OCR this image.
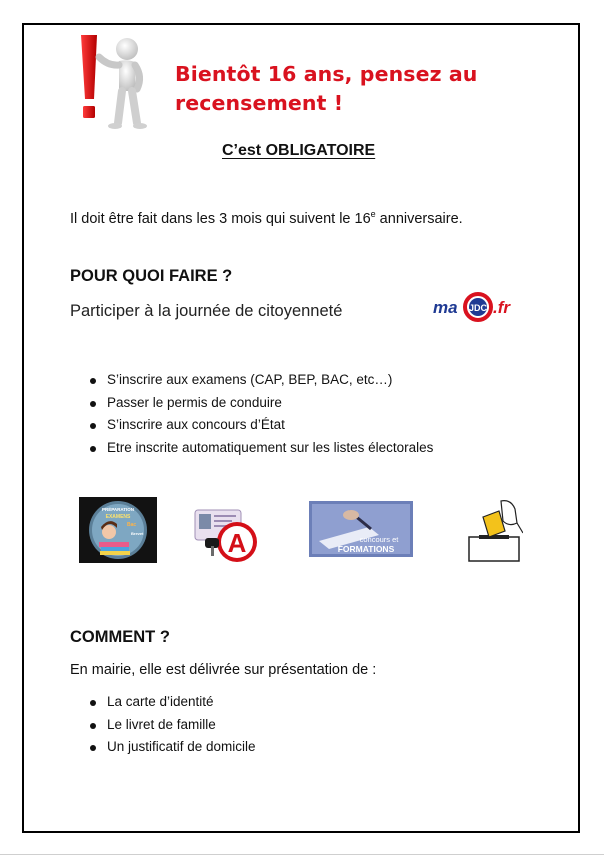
Bientôt 16 ans, pensez au
recensement !
C’est OBLIGATOIRE
Il doit être fait dans les 3 mois qui suivent le 16e anniversaire.
POUR QUOI FAIRE ?
Participer à la journée de citoyenneté	ma JDC .fr
S’inscrire aux examens (CAP, BEP, BAC, etc…)
Passer le permis de conduire
S’inscrire aux concours d’État
Etre inscrite automatiquement sur les listes électorales
PRÉPARATION
EXAMENS
Bac
Brevet	A	concours et
FORMATIONS
COMMENT ?
En mairie, elle est délivrée sur présentation de :
La carte d’identité
Le livret de famille
Un justificatif de domicile
